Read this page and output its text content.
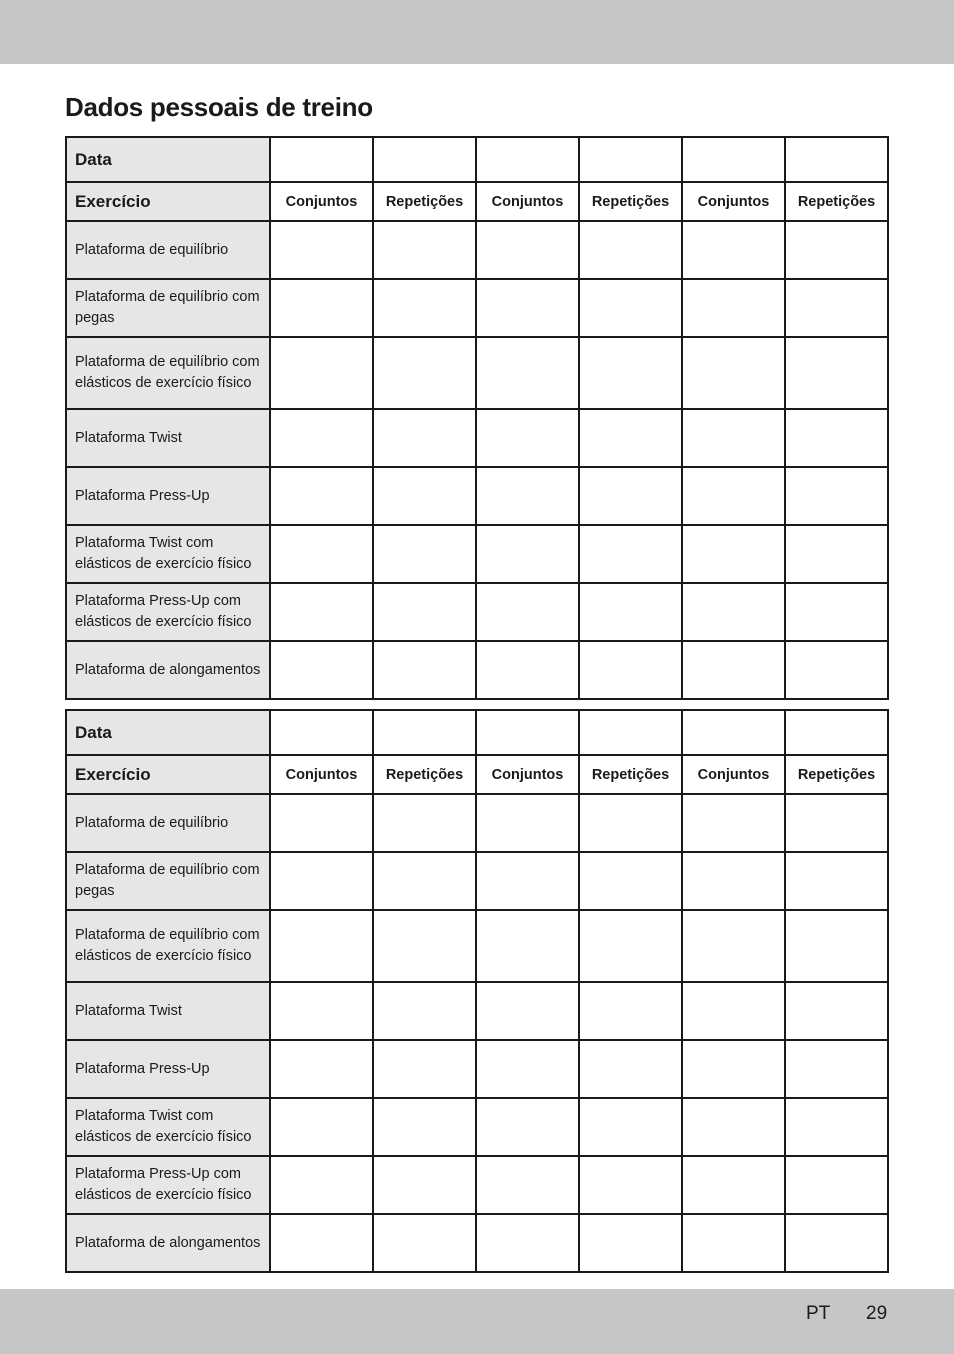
Dados pessoais de treino
Data						
Exercício	Conjuntos	Repetições	Conjuntos	Repetições	Conjuntos	Repetições
Plataforma de equilíbrio						
Plataforma de equilíbrio com pegas						
Plataforma de equilíbrio com elásticos de exercício físico						
Plataforma Twist						
Plataforma Press-Up						
Plataforma Twist com elásticos de exercício físico						
Plataforma Press-Up com elásticos de exercício físico						
Plataforma de alongamentos						
Data						
Exercício	Conjuntos	Repetições	Conjuntos	Repetições	Conjuntos	Repetições
Plataforma de equilíbrio						
Plataforma de equilíbrio com pegas						
Plataforma de equilíbrio com elásticos de exercício físico						
Plataforma Twist						
Plataforma Press-Up						
Plataforma Twist com elásticos de exercício físico						
Plataforma Press-Up com elásticos de exercício físico						
Plataforma de alongamentos						
PT 29
